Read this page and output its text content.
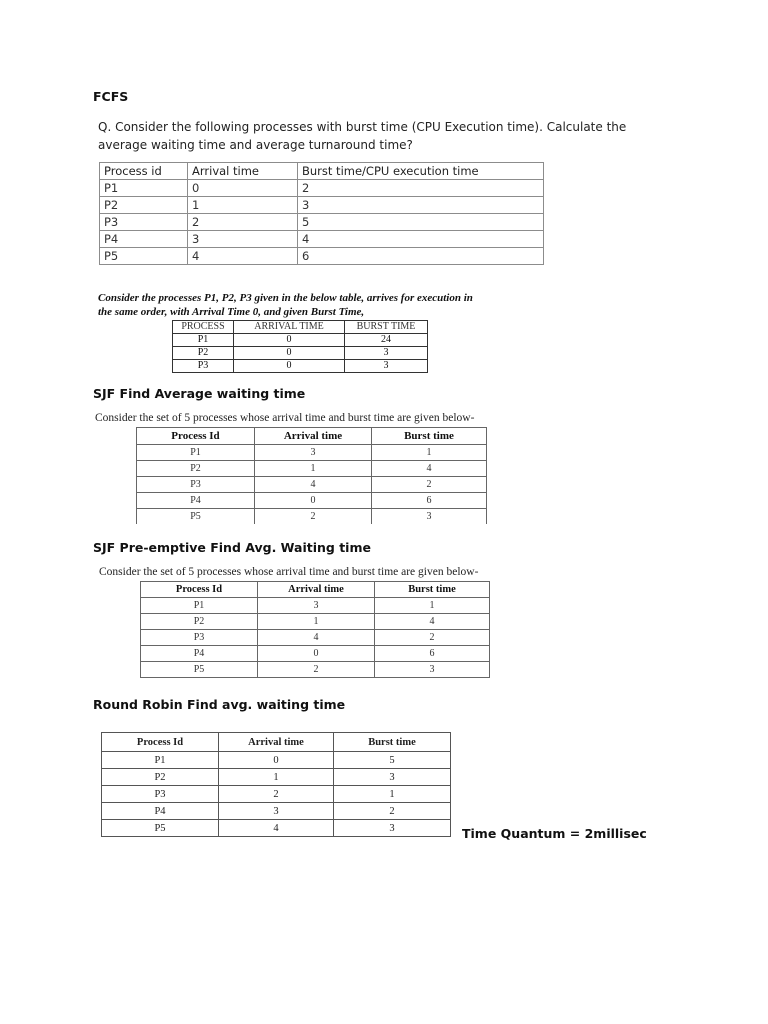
FCFS
Q. Consider the following processes with burst time (CPU Execution time). Calculate the
average waiting time and average turnaround time?
Process id	Arrival time	Burst time/CPU execution time
P1	0	2
P2	1	3
P3	2	5
P4	3	4
P5	4	6
Consider the processes P1, P2, P3 given in the below table, arrives for execution in
the same order, with Arrival Time 0, and given Burst Time,
PROCESS	ARRIVAL TIME	BURST TIME
P1	0	24
P2	0	3
P3	0	3
SJF Find Average waiting time
Consider the set of 5 processes whose arrival time and burst time are given below-
Process Id	Arrival time	Burst time
P1	3	1
P2	1	4
P3	4	2
P4	0	6
P5	2	3
SJF Pre-emptive Find Avg. Waiting time
Consider the set of 5 processes whose arrival time and burst time are given below-
Process Id	Arrival time	Burst time
P1	3	1
P2	1	4
P3	4	2
P4	0	6
P5	2	3
Round Robin Find avg. waiting time
Process Id	Arrival time	Burst time
P1	0	5
P2	1	3
P3	2	1
P4	3	2
P5	4	3	Time Quantum = 2millisec
